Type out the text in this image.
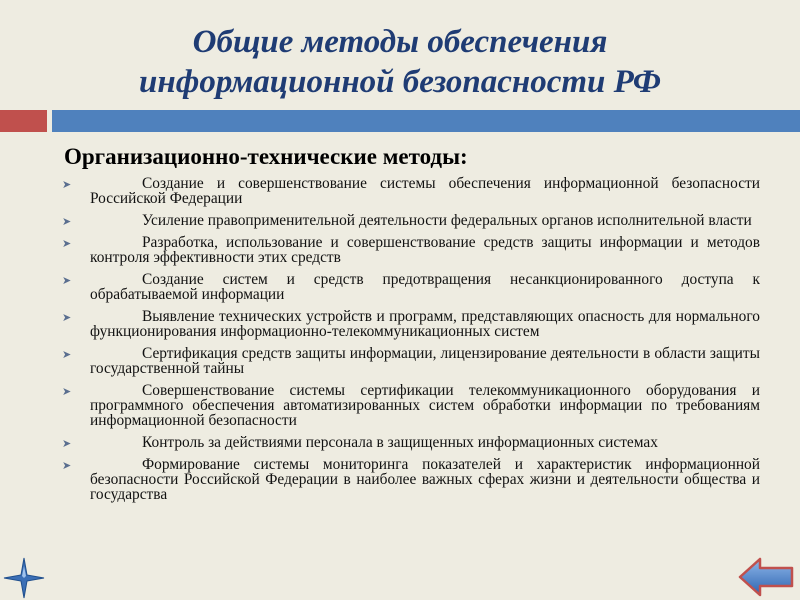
Общие методы обеспечения
информационной безопасности РФ
Организационно-технические методы:
➤	Создание и совершенствование системы обеспечения информационной безопасности Российской Федерации
➤	Усиление правоприменительной деятельности федеральных органов исполнительной власти
➤	Разработка, использование и совершенствование средств защиты информации и методов контроля эффективности этих средств
➤	Создание систем и средств предотвращения несанкционированного доступа к обрабатываемой информации
➤	Выявление технических устройств и программ, представляющих опасность для нормального функционирования информационно-телекоммуникационных систем
➤	Сертификация средств защиты информации, лицензирование деятельности в области защиты государственной тайны
➤	Совершенствование системы сертификации телекоммуникационного оборудования и программного обеспечения автоматизированных систем обработки информации по требованиям информационной безопасности
➤	Контроль за действиями персонала в защищенных информационных системах
➤	Формирование системы мониторинга показателей и характеристик информационной безопасности Российской Федерации в наиболее важных сферах жизни и деятельности общества и государства
